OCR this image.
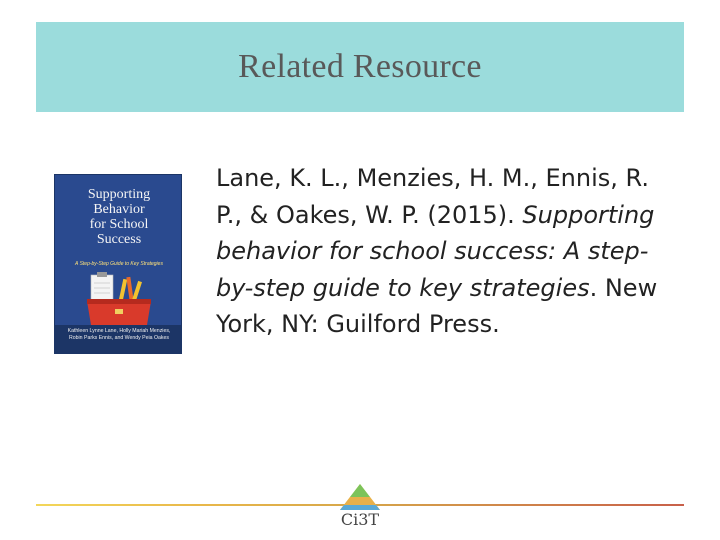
Related Resource
Supporting
Behavior
for School
Success
A Step-by-Step Guide to Key Strategies
Kathleen Lynne Lane, Holly Mariah Menzies,
Robin Parks Ennis, and Wendy Peia Oakes
Lane, K. L., Menzies, H. M., Ennis, R. P., & Oakes, W. P. (2015). Supporting behavior for school success: A step-by-step guide to key strategies. New York, NY: Guilford Press.
Ci3T
